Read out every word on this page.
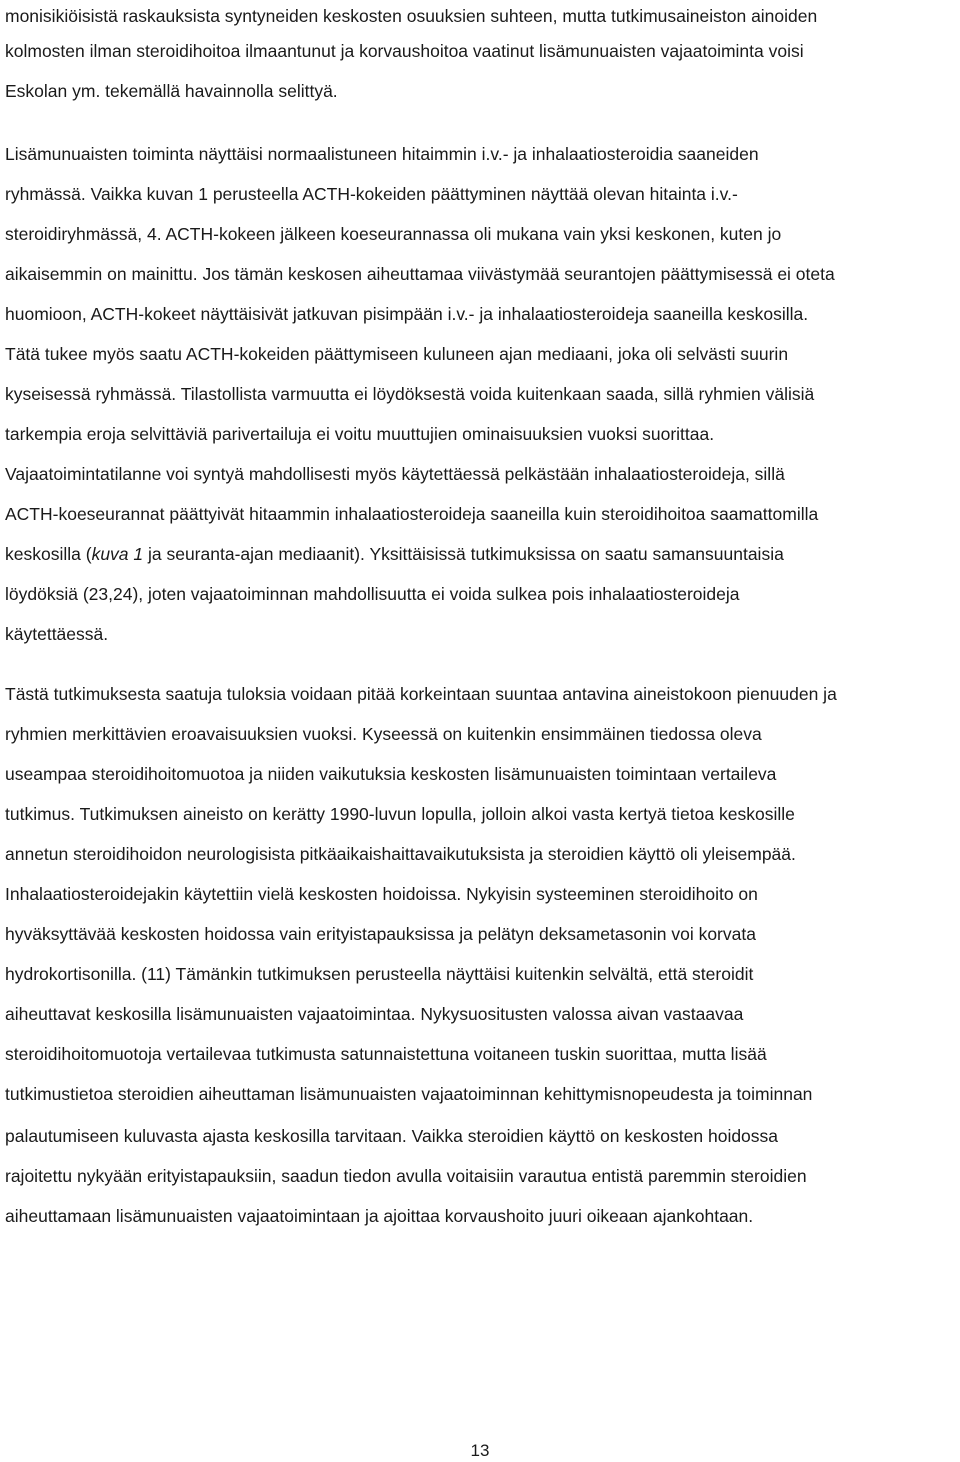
monisikiöisistä raskauksista syntyneiden keskosten osuuksien suhteen, mutta tutkimusaineiston ainoiden

kolmosten ilman steroidihoitoa ilmaantunut ja korvaushoitoa vaatinut lisämunuaisten vajaatoiminta voisi

Eskolan ym. tekemällä havainnolla selittyä.

Lisämunuaisten toiminta näyttäisi normaalistuneen hitaimmin i.v.- ja inhalaatiosteroidia saaneiden

ryhmässä. Vaikka kuvan 1 perusteella ACTH-kokeiden päättyminen näyttää olevan hitainta i.v.-

steroidiryhmässä, 4. ACTH-kokeen jälkeen koeseurannassa oli mukana vain yksi keskonen, kuten jo

aikaisemmin on mainittu. Jos tämän keskosen aiheuttamaa viivästymää seurantojen päättymisessä ei oteta

huomioon, ACTH-kokeet näyttäisivät jatkuvan pisimpään i.v.- ja inhalaatiosteroideja saaneilla keskosilla.

Tätä tukee myös saatu ACTH-kokeiden päättymiseen kuluneen ajan mediaani, joka oli selvästi suurin

kyseisessä ryhmässä. Tilastollista varmuutta ei löydöksestä voida kuitenkaan saada, sillä ryhmien välisiä

tarkempia eroja selvittäviä parivertailuja ei voitu muuttujien ominaisuuksien vuoksi suorittaa.

Vajaatoimintatilanne voi syntyä mahdollisesti myös käytettäessä pelkästään inhalaatiosteroideja, sillä

ACTH-koeseurannat päättyivät hitaammin inhalaatiosteroideja saaneilla kuin steroidihoitoa saamattomilla

keskosilla (kuva 1 ja seuranta-ajan mediaanit). Yksittäisissä tutkimuksissa on saatu samansuuntaisia

löydöksiä (23,24), joten vajaatoiminnan mahdollisuutta ei voida sulkea pois inhalaatiosteroideja

käytettäessä.

Tästä tutkimuksesta saatuja tuloksia voidaan pitää korkeintaan suuntaa antavina aineistokoon pienuuden ja

ryhmien merkittävien eroavaisuuksien vuoksi. Kyseessä on kuitenkin ensimmäinen tiedossa oleva

useampaa steroidihoitomuotoa ja niiden vaikutuksia keskosten lisämunuaisten toimintaan vertaileva

tutkimus. Tutkimuksen aineisto on kerätty 1990-luvun lopulla, jolloin alkoi vasta kertyä tietoa keskosille

annetun steroidihoidon neurologisista pitkäaikaishaittavaikutuksista ja steroidien käyttö oli yleisempää.

Inhalaatiosteroidejakin käytettiin vielä keskosten hoidoissa. Nykyisin systeeminen steroidihoito on

hyväksyttävää keskosten hoidossa vain erityistapauksissa ja pelätyn deksametasonin voi korvata

hydrokortisonilla. (11) Tämänkin tutkimuksen perusteella näyttäisi kuitenkin selvältä, että steroidit

aiheuttavat keskosilla lisämunuaisten vajaatoimintaa. Nykysuositusten valossa aivan vastaavaa

steroidihoitomuotoja vertailevaa tutkimusta satunnaistettuna voitaneen tuskin suorittaa, mutta lisää

tutkimustietoa steroidien aiheuttaman lisämunuaisten vajaatoiminnan kehittymisnopeudesta ja toiminnan

palautumiseen kuluvasta ajasta keskosilla tarvitaan. Vaikka steroidien käyttö on keskosten hoidossa

rajoitettu nykyään erityistapauksiin, saadun tiedon avulla voitaisiin varautua entistä paremmin steroidien

aiheuttamaan lisämunuaisten vajaatoimintaan ja ajoittaa korvaushoito juuri oikeaan ajankohtaan.

13
